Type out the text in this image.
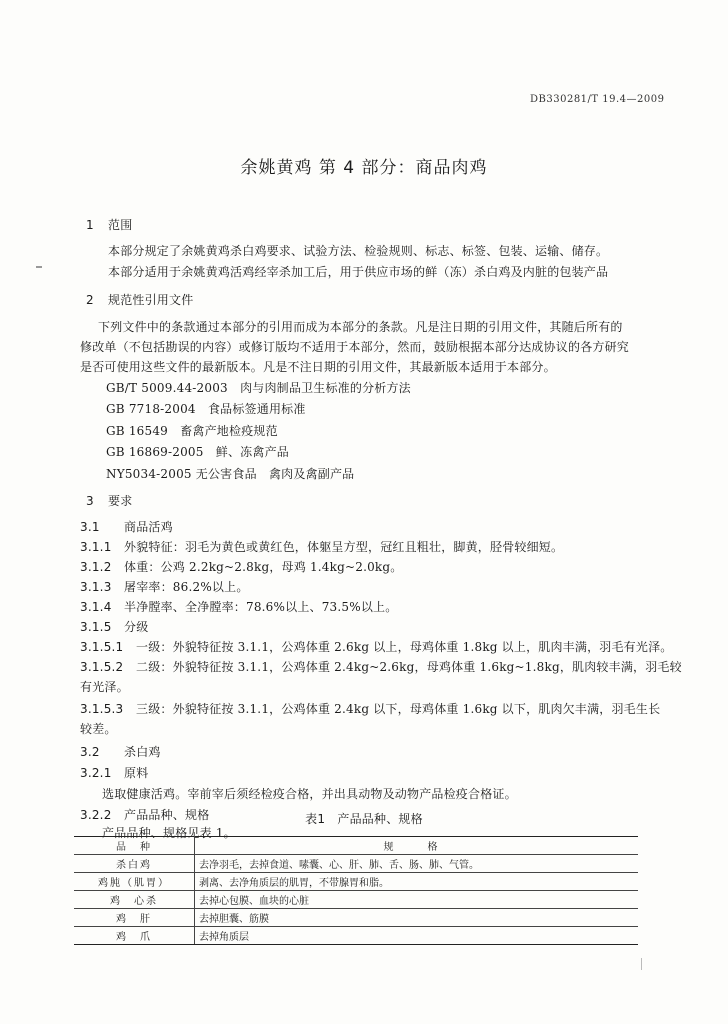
DB330281/T 19.4—2009
余姚黄鸡 第 4 部分：商品肉鸡
1 范围
本部分规定了余姚黄鸡杀白鸡要求、试验方法、检验规则、标志、标签、包装、运输、储存。
本部分适用于余姚黄鸡活鸡经宰杀加工后，用于供应市场的鲜（冻）杀白鸡及内脏的包装产品
2 规范性引用文件
下列文件中的条款通过本部分的引用而成为本部分的条款。凡是注日期的引用文件，其随后所有的
修改单（不包括勘误的内容）或修订版均不适用于本部分，然而，鼓励根据本部分达成协议的各方研究
是否可使用这些文件的最新版本。凡是不注日期的引用文件，其最新版本适用于本部分。
GB/T 5009.44-2003　肉与肉制品卫生标准的分析方法
GB 7718-2004　食品标签通用标准
GB 16549　畜禽产地检疫规范
GB 16869-2005　鲜、冻禽产品
NY5034-2005 无公害食品　禽肉及禽副产品
3 要求
3.1 商品活鸡
3.1.1 外貌特征：羽毛为黄色或黄红色，体躯呈方型，冠红且粗壮，脚黄，胫骨较细短。
3.1.2 体重：公鸡 2.2kg~2.8kg，母鸡 1.4kg~2.0kg。
3.1.3 屠宰率：86.2%以上。
3.1.4 半净膛率、全净膛率：78.6%以上、73.5%以上。
3.1.5 分级
3.1.5.1 一级：外貌特征按 3.1.1，公鸡体重 2.6kg 以上，母鸡体重 1.8kg 以上，肌肉丰满，羽毛有光泽。
3.1.5.2 二级：外貌特征按 3.1.1，公鸡体重 2.4kg~2.6kg，母鸡体重 1.6kg~1.8kg，肌肉较丰满，羽毛较
有光泽。
3.1.5.3 三级：外貌特征按 3.1.1，公鸡体重 2.4kg 以下，母鸡体重 1.6kg 以下，肌肉欠丰满，羽毛生长
较差。
3.2 杀白鸡
3.2.1 原料
选取健康活鸡。宰前宰后须经检疫合格，并出具动物及动物产品检疫合格证。
3.2.2 产品品种、规格
产品品种、规格见表 1。
表1　产品品种、规格
品　种	规　格
杀白鸡	去净羽毛，去掉食道、嗉囊、心、肝、肺、舌、肠、肺、气管。
鸡肫（肌胃）	剥离、去净角质层的肌胃，不带腺胃和脂。
鸡　心杀	去掉心包膜、血块的心脏
鸡　肝	去掉胆囊、筋膜
鸡　爪	去掉角质层
